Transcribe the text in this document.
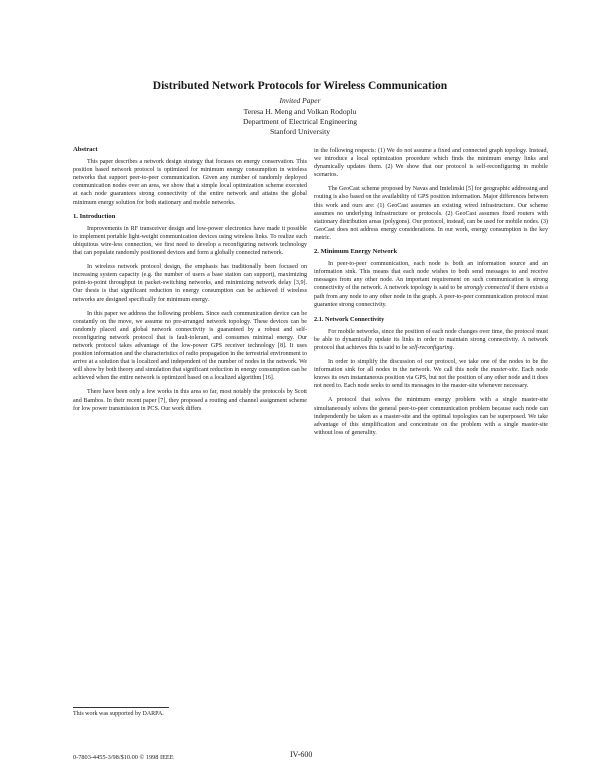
Distributed Network Protocols for Wireless Communication
Invited Paper
Teresa H. Meng and Volkan Rodoplu
Department of Electrical Engineering
Stanford University
Abstract

This paper describes a network design strategy that focuses on energy conservation. This position based network protocol is optimized for minimum energy consumption in wireless networks that support peer-to-peer communication. Given any number of randomly deployed communication nodes over an area, we show that a simple local optimization scheme executed at each node guarantees strong connectivity of the entire network and attains the global minimum energy solution for both stationary and mobile networks.

1. Introduction

Improvements in RF transceiver design and low-power electronics have made it possible to implement portable light-weight communication devices using wireless links. To realize such ubiquitous wire-less connection, we first need to develop a reconfiguring network technology that can populate randomly positioned devices and form a globally connected network.

In wireless network protocol design, the emphasis has traditionally been focused on increasing system capacity (e.g. the number of users a base station can support), maximizing point-to-point throughput in packet-switching networks, and minimizing network delay [3,9]. Our thesis is that significant reduction in energy consumption can be achieved if wireless networks are designed specifically for minimum energy.

In this paper we address the following problem. Since each communication device can be constantly on the move, we assume no pre-arranged network topology. These devices can be randomly placed and global network connectivity is guaranteed by a robust and self-reconfiguring network protocol that is fault-tolerant, and consumes minimal energy. Our network protocol takes advantage of the low-power GPS receiver technology [8]. It uses position information and the characteristics of radio propagation in the terrestrial environment to arrive at a solution that is localized and independent of the number of nodes in the network. We will show by both theory and simulation that significant reduction in energy consumption can be achieved when the entire network is optimized based on a localized algorithm [16].

There have been only a few works in this area so far, most notably the protocols by Scott and Bambos. In their recent paper [7], they proposed a routing and channel assignment scheme for low power transmission in PCS. Our work differs

in the following respects: (1) We do not assume a fixed and connected graph topology. Instead, we introduce a local optimization procedure which finds the minimum energy links and dynamically updates them. (2) We show that our protocol is self-reconfiguring in mobile scenarios.

The GeoCast scheme proposed by Navas and Imielinski [5] for geographic addressing and routing is also based on the availability of GPS position information. Major differences between this work and ours are: (1) GeoCast assumes an existing wired infrastructure. Our scheme assumes no underlying infrastructure or protocols. (2) GeoCast assumes fixed routers with stationary distribution areas (polygons). Our protocol, instead, can be used for mobile nodes. (3) GeoCast does not address energy considerations. In our work, energy consumption is the key metric.

2. Minimum Energy Network

In peer-to-peer communication, each node is both an information source and an information sink. This means that each node wishes to both send messages to and receive messages from any other node. An important requirement on such communication is strong connectivity of the network. A network topology is said to be strongly connected if there exists a path from any node to any other node in the graph. A peer-to-peer communication protocol must guarantee strong connectivity.

2.1. Network Connectivity

For mobile networks, since the position of each node changes over time, the protocol must be able to dynamically update its links in order to maintain strong connectivity. A network protocol that achieves this is said to be self-reconfiguring.

In order to simplify the discussion of our protocol, we take one of the nodes to be the information sink for all nodes in the network. We call this node the master-site. Each node knows its own instantaneous position via GPS, but not the position of any other node and it does not need to. Each node seeks to send its messages to the master-site whenever necessary.

A protocol that solves the minimum energy problem with a single master-site simultaneously solves the general peer-to-peer communication problem because each node can independently be taken as a master-site and the optimal topologies can be superposed. We take advantage of this simplification and concentrate on the problem with a single master-site without loss of generality.

This work was supported by DARPA.
0-7803-4455-3/98/$10.00 © 1998 IEEE	IV-600
